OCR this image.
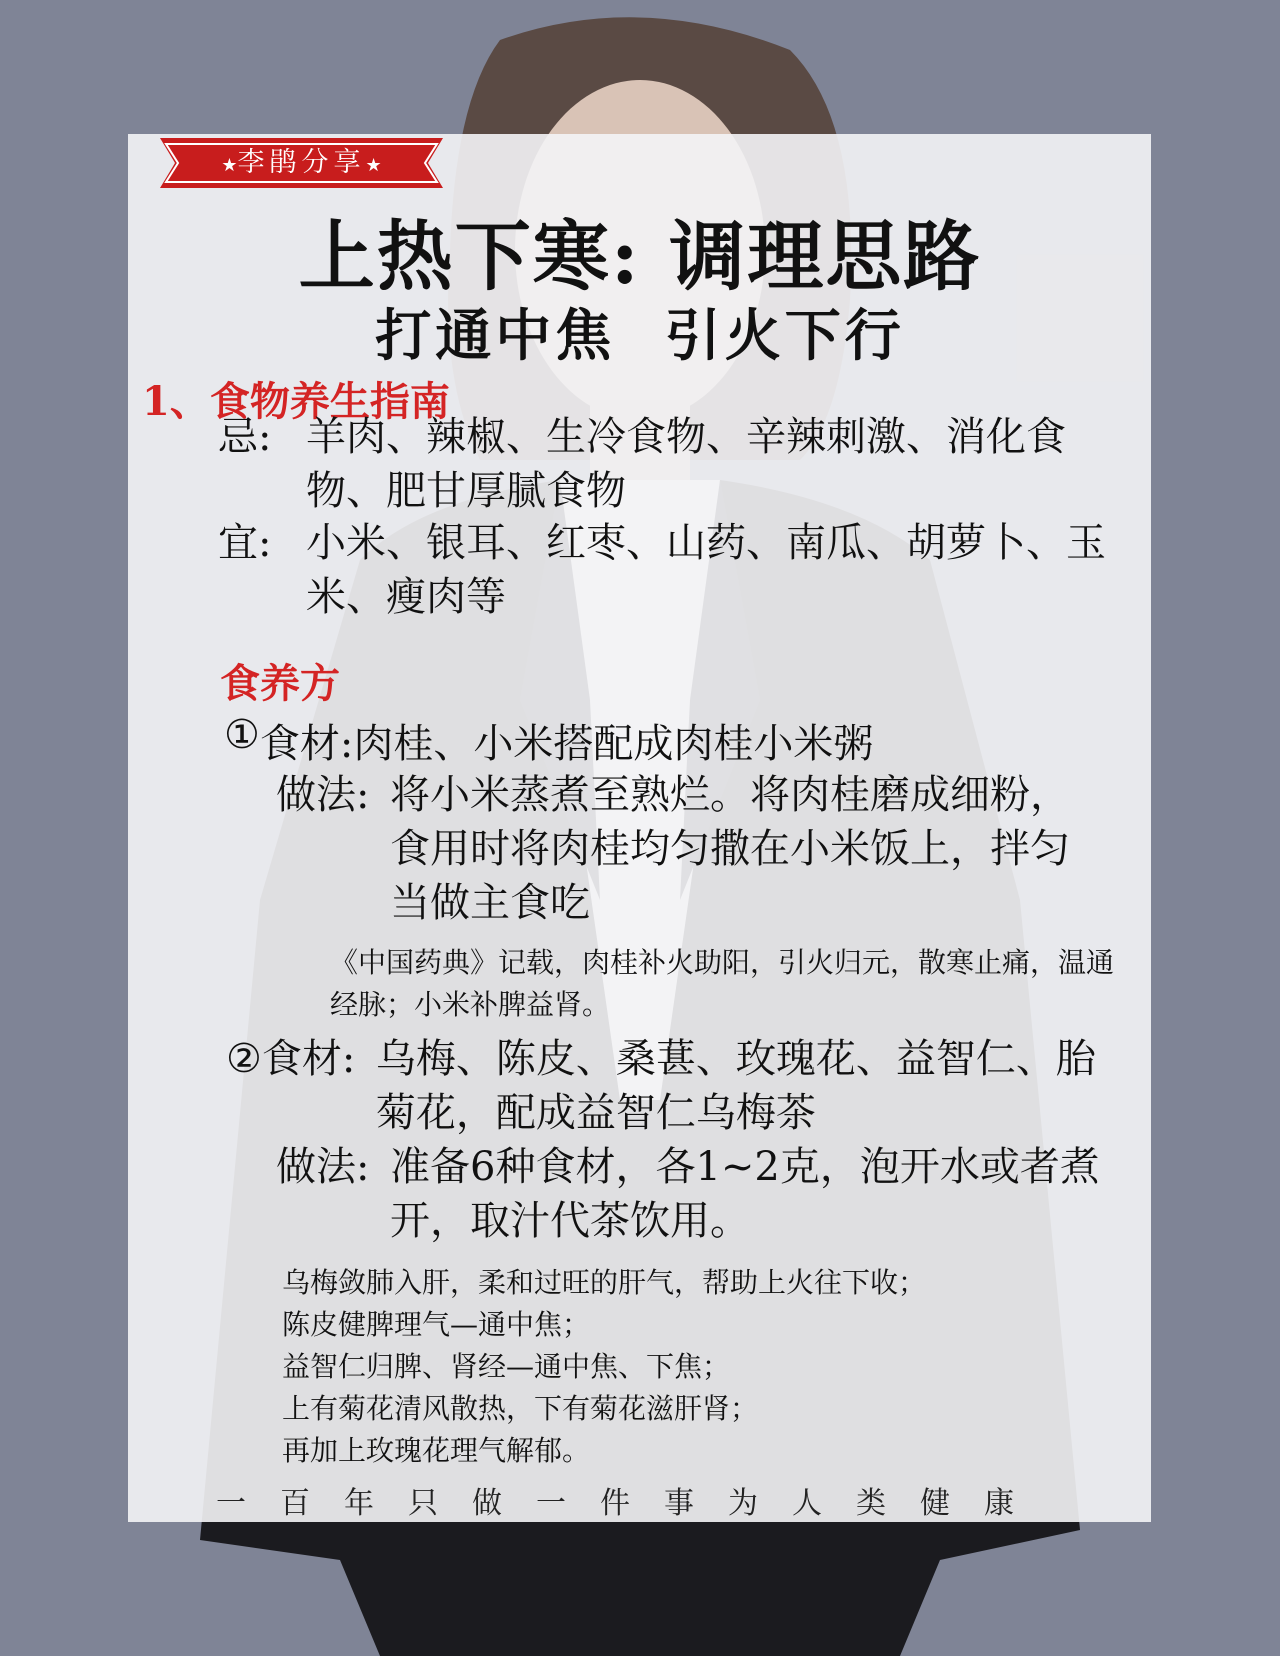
★李鹃分享★
上热下寒: 调理思路
打通中焦 引火下行
1、食物养生指南
忌: 羊肉、辣椒、生冷食物、辛辣刺激、消化食物、肥甘厚腻食物
宜: 小米、银耳、红枣、山药、南瓜、胡萝卜、玉米、瘦肉等
食养方
① 食材 :肉桂、小米搭配成肉桂小米粥
做法: 将小米蒸煮至熟烂。将肉桂磨成细粉，食用时将肉桂均匀撒在小米饭上，拌匀当做主食吃
《中国药典》记载，肉桂补火助阳，引火归元，散寒止痛，温通经脉；小米补脾益肾。
② 食材: 乌梅、陈皮、桑葚、玫瑰花、益智仁、胎菊花，配成益智仁乌梅茶
做法: 准备6种食材，各1~2克，泡开水或者煮开，取汁代茶饮用。
乌梅敛肺入肝，柔和过旺的肝气，帮助上火往下收；
陈皮健脾理气—通中焦；
益智仁归脾、肾经—通中焦、下焦；
上有菊花清风散热，下有菊花滋肝肾；
再加上玫瑰花理气解郁。
一百年只做一件事为人类健康
